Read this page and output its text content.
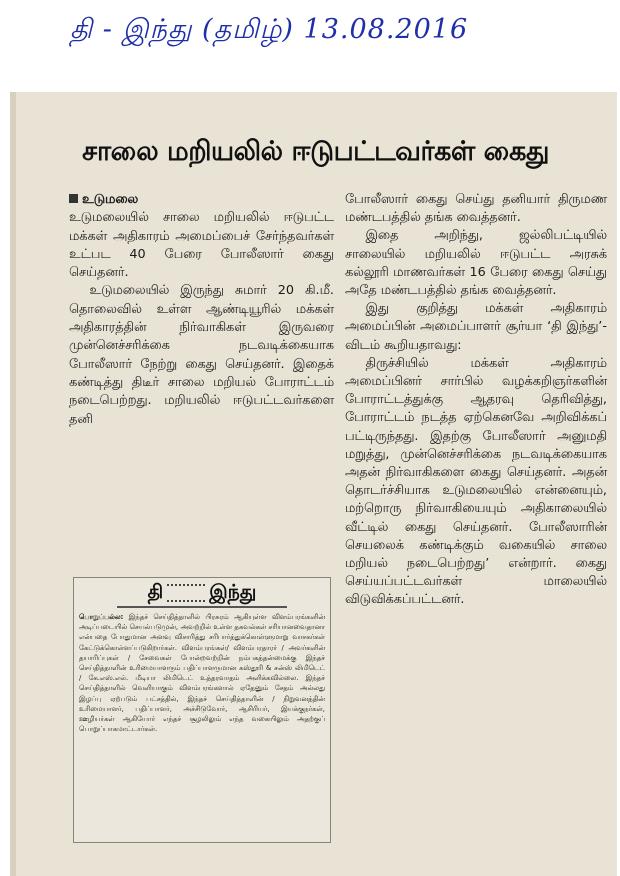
தி - இந்து (தமிழ்) 13.08.2016
சாலை மறியலில் ஈடுபட்டவர்கள் கைது

உடுமலை

உடுமலையில் சாலை மறியலில் ஈடுபட்ட மக்கள் அதிகாரம் அமைப்பைச் சேர்ந்தவர்கள் உட்பட 40 பேரை போலீஸார் கைது செய்தனர்.

உடுமலையில் இருந்து சுமார் 20 கி.மீ. தொலைவில் உள்ள ஆண்டியூரில் மக்கள் அதிகாரத்தின் நிர்வாகிகள் இருவரை முன்னெச்சரிக்கை நடவடிக்கையாக போலீஸார் நேற்று கைது செய்தனர். இதைக் கண்டித்து திடீர் சாலை மறியல் போராட்டம் நடைபெற்றது. மறியலில் ஈடுபட்டவர்களை தனி

போலீஸார் கைது செய்து தனியார் திருமண மண்டபத்தில் தங்க வைத்தனர்.

இதை அறிந்து, ஜல்லிபட்டியில் சாலையில் மறியலில் ஈடுபட்ட அரசுக் கல்லூரி மாணவர்கள் 16 பேரை கைது செய்து அதே மண்டபத்தில் தங்க வைத்தனர்.

இது குறித்து மக்கள் அதிகாரம் அமைப்பின் அமைப்பாளர் சூர்யா ‘தி இந்து’-விடம் கூறியதாவது:

திருச்சியில் மக்கள் அதிகாரம் அமைப்பினர் சார்பில் வழக்கறிஞர்களின் போராட்டத்துக்கு ஆதரவு தெரிவித்து, போராட்டம் நடத்த ஏற்கெனவே அறிவிக்கப் பட்டிருந்தது. இதற்கு போலீஸார் அனுமதி மறுத்து, முன்னெச்சரிக்கை நடவடிக்கையாக அதன் நிர்வாகிகளை கைது செய்தனர். அதன் தொடர்ச்சியாக உடுமலையில் என்னையும், மற்றொரு நிர்வாகியையும் அதிகாலையில் வீட்டில் கைது செய்தனர். போலீஸாரின் செயலைக் கண்டிக்கும் வகையில் சாலை மறியல் நடைபெற்றது’ என்றார். கைது செய்யப்பட்டவர்கள் மாலையில் விடுவிக்கப்பட்டனர்.

தி இந்து

பொறுப்பல்ல: இந்தச் செய்தித்தாளில் பிரசுரம் ஆகியுள்ள விளம்பரங்களின் அடிப்படையில் செயல்படுமுன், அவற்றில் உள்ள தகவல்கள் சரியானவைதானா என்பதை போதுமான அளவு விசாரித்து சரிபார்த்துக்கொள்ளுமாறு வாசகர்கள் கேட்டுக்கொள்ளப்படுகிறார்கள். விளம்பரங்கள்/ விளம்பரதாரர் / அவர்களின் தயாரிப்புகள் / சேவைகள் போன்றவற்றின் நம்பகத்தன்மைக்கு இந்தச் செய்தித்தாளின் உரிமையாளரும் பதிப்பாளருமான கஸ்தூரி & சன்ஸ் லிமிடெட் / கே.எஸ்.எல். மீடியா லிமிடெட் உத்தரவாதம் அளிக்கவில்லை. இந்தச் செய்தித்தாளில் வெளியாகும் விளம்பரங்களால் ஏதேனும் சேதம் அல்லது இழப்பு ஏற்படும் பட்சத்தில், இந்தச் செய்தித்தாளின் / நிறுவனத்தின் உரிமையாளர், பதிப்பாளர், அச்சிடுவோர், ஆசிரியர், இயக்குநர்கள், ஊழியர்கள் ஆகியோர் எந்தச் சூழலிலும் எந்த வகையிலும் அதற்குப் பொறுப்பாகமாட்டார்கள்.
